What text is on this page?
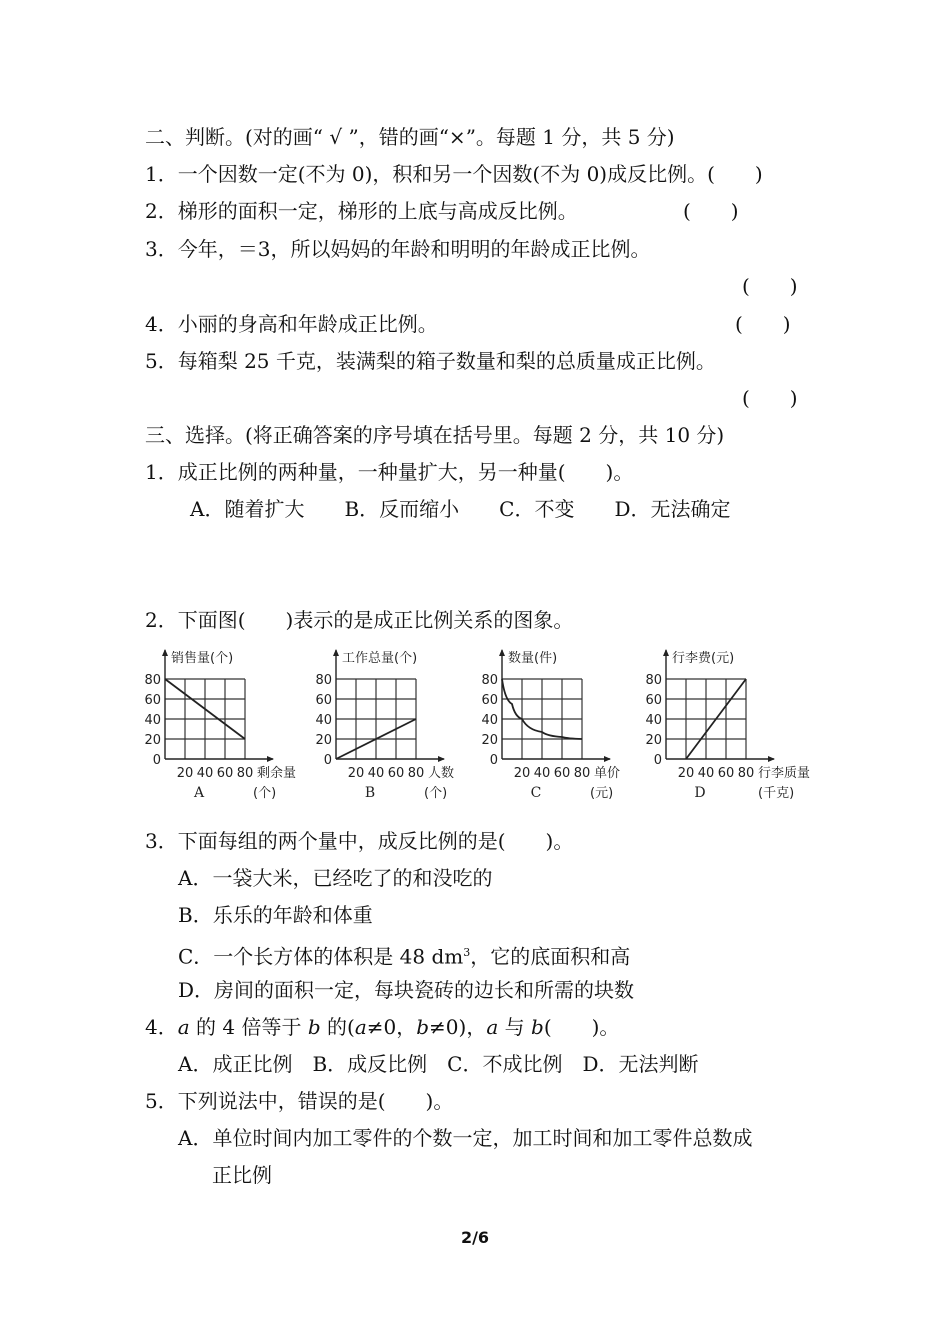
二、判断。(对的画“ √ ”，错的画“×”。每题 1 分，共 5 分)
1．一个因数一定(不为 0)，积和另一个因数(不为 0)成反比例。(　　)
2．梯形的面积一定，梯形的上底与高成反比例。	(　　)
3．今年，＝3，所以妈妈的年龄和明明的年龄成正比例。
(　　)
4．小丽的身高和年龄成正比例。	(　　)
5．每箱梨 25 千克，装满梨的箱子数量和梨的总质量成正比例。
(　　)
三、选择。(将正确答案的序号填在括号里。每题 2 分，共 10 分)
1．成正比例的两种量，一种量扩大，另一种量(　　)。
A．随着扩大　　B．反而缩小　　C．不变　　D．无法确定
2．下面图(　　)表示的是成正比例关系的图象。
0
20
40
60
80
20 40 60 80
销售量(个)
剩余量
(个)
A
0
20
40
60
80
20 40 60 80
工作总量(个)
人数
(个)
B
0
20
40
60
80
20 40 60 80
数量(件)
单价
(元)
C
0
20
40
60
80
20 40 60 80
行李费(元)
行李质量
(千克)
D
3．下面每组的两个量中，成反比例的是(　　)。
A．一袋大米，已经吃了的和没吃的
B．乐乐的年龄和体重
C．一个长方体的体积是 48 $dm^3$，它的底面积和高
D．房间的面积一定，每块瓷砖的边长和所需的块数
4．a 的 4 倍等于 b 的(a≠0，b≠0)，a 与 b(　　)。
A．成正比例　B．成反比例　C．不成比例　D．无法判断
5．下列说法中，错误的是(　　)。
A．单位时间内加工零件的个数一定，加工时间和加工零件总数成
正比例
2/6
